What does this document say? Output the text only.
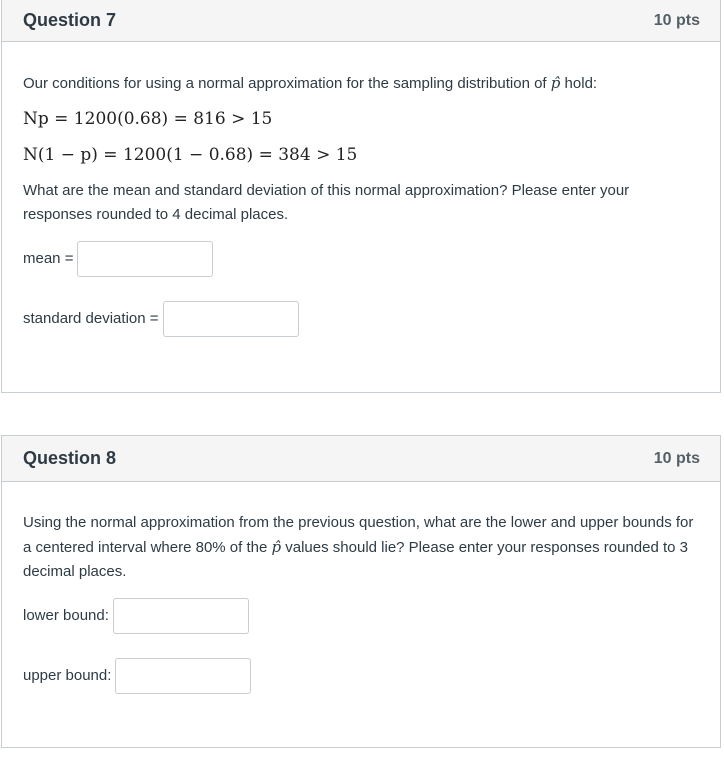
Question 7	10 pts

Our conditions for using a normal approximation for the sampling distribution of p̂ hold:

Np = 1200(0.68) = 816 > 15
N(1 − p) = 1200(1 − 0.68) = 384 > 15

What are the mean and standard deviation of this normal approximation? Please enter your responses rounded to 4 decimal places.

mean =
standard deviation =
Question 8	10 pts

Using the normal approximation from the previous question, what are the lower and upper bounds for a centered interval where 80% of the p̂ values should lie? Please enter your responses rounded to 3 decimal places.

lower bound:
upper bound:
